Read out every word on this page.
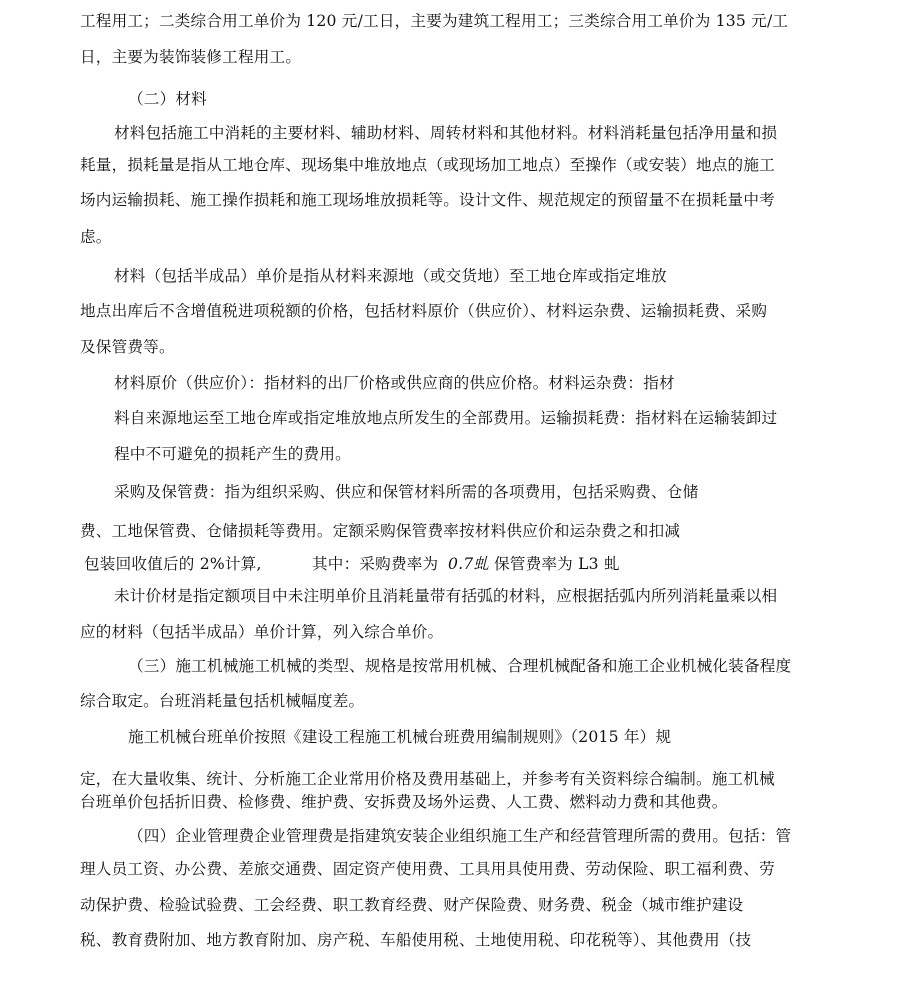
工程用工；二类综合用工单价为 120 元/工日，主要为建筑工程用工；三类综合用工单价为 135 元/工
日，主要为装饰装修工程用工。
（二）材料
材料包括施工中消耗的主要材料、辅助材料、周转材料和其他材料。材料消耗量包括净用量和损
耗量，损耗量是指从工地仓库、现场集中堆放地点（或现场加工地点）至操作（或安装）地点的施工
场内运输损耗、施工操作损耗和施工现场堆放损耗等。设计文件、规范规定的预留量不在损耗量中考
虑。
材料（包括半成品）单价是指从材料来源地（或交货地）至工地仓库或指定堆放
地点出库后不含增值税进项税额的价格，包括材料原价（供应价）、材料运杂费、运输损耗费、采购
及保管费等。
材料原价（供应价）：指材料的出厂价格或供应商的供应价格。材料运杂费：指材
料自来源地运至工地仓库或指定堆放地点所发生的全部费用。运输损耗费：指材料在运输装卸过
程中不可避免的损耗产生的费用。
采购及保管费：指为组织采购、供应和保管材料所需的各项费用，包括采购费、仓储
费、工地保管费、仓储损耗等费用。定额采购保管费率按材料供应价和运杂费之和扣减
包装回收值后的 2%计算,	其中：采购费率为 0.7虬 保管费率为 L3 虬
未计价材是指定额项目中未注明单价且消耗量带有括弧的材料，应根据括弧内所列消耗量乘以相
应的材料（包括半成品）单价计算，列入综合单价。
（三）施工机械施工机械的类型、规格是按常用机械、合理机械配备和施工企业机械化装备程度
综合取定。台班消耗量包括机械幅度差。
施工机械台班单价按照《建设工程施工机械台班费用编制规则》（2015 年）规
定，在大量收集、统计、分析施工企业常用价格及费用基础上，并参考有关资料综合编制。施工机械
台班单价包括折旧费、检修费、维护费、安拆费及场外运费、人工费、燃料动力费和其他费。
（四）企业管理费企业管理费是指建筑安装企业组织施工生产和经营管理所需的费用。包括：管
理人员工资、办公费、差旅交通费、固定资产使用费、工具用具使用费、劳动保险、职工福利费、劳
动保护费、检验试验费、工会经费、职工教育经费、财产保险费、财务费、税金（城市维护建设
税、教育费附加、地方教育附加、房产税、车船使用税、土地使用税、印花税等）、其他费用（技
